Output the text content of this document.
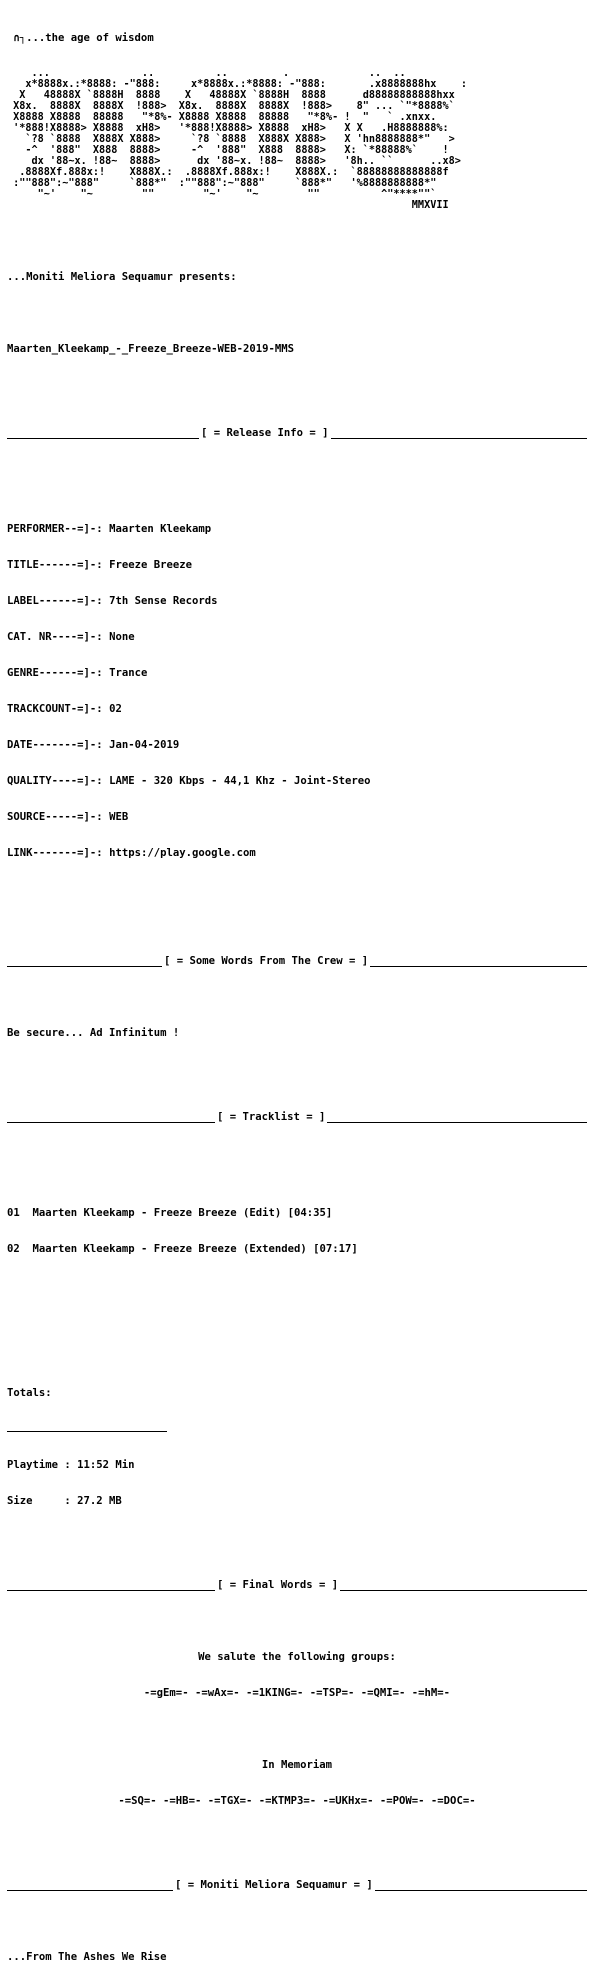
∩┐...the age of wisdom

...               ..          ..         .             ..  ..
x*8888x.:*8888: -"888:     x*8888x.:*8888: -"888:       .x8888888hx    :
X   48888X `8888H  8888    X   48888X `8888H  8888      d88888888888hxx
X8x.  8888X  8888X  !888>  X8x.  8888X  8888X  !888>    8" ... `"*8888%`
X8888 X8888  88888   "*8%- X8888 X8888  88888   "*8%- !  "   ` .xnxx.
'*888!X8888> X8888  xH8>   '*888!X8888> X8888  xH8>   X X   .H8888888%:
`?8 `8888  X888X X888>     `?8 `8888  X888X X888>   X 'hn8888888*"   >
-^  '888"  X888  8888>     -^  '888"  X888  8888>   X: `*88888%`    !
dx '88~x. !88~  8888>      dx '88~x. !88~  8888>   '8h.. ``      ..x8>
.8888Xf.888x:!    X888X.:  .8888Xf.888x:!    X888X.:  `88888888888888f
:""888":~"888"     `888*"  :""888":~"888"     `888*"   '%8888888888*"
"~'    "~        ""        "~'    "~        ""          ^"****""`
MMXVII

...Moniti Meliora Sequamur presents:

Maarten_Kleekamp_-_Freeze_Breeze-WEB-2019-MMS

[ = Release Info = ]

PERFORMER--=]-: Maarten Kleekamp

TITLE------=]-: Freeze Breeze

LABEL------=]-: 7th Sense Records

CAT. NR----=]-: None

GENRE------=]-: Trance

TRACKCOUNT-=]-: 02

DATE-------=]-: Jan-04-2019

QUALITY----=]-: LAME - 320 Kbps - 44,1 Khz - Joint-Stereo

SOURCE-----=]-: WEB

LINK-------=]-: https://play.google.com

[ = Some Words From The Crew = ]

Be secure... Ad Infinitum !

[ = Tracklist = ]

01 Maarten Kleekamp - Freeze Breeze (Edit) [04:35]

02 Maarten Kleekamp - Freeze Breeze (Extended) [07:17]

Totals:

Playtime : 11:52 Min

Size     : 27.2 MB

[ = Final Words = ]

We salute the following groups:

-=gEm=- -=wAx=- -=1KING=- -=TSP=- -=QMI=- -=hM=-

In Memoriam

-=SQ=- -=HB=- -=TGX=- -=KTMP3=- -=UKHx=- -=POW=- -=DOC=-

[ = Moniti Meliora Sequamur = ]

...From The Ashes We Rise
